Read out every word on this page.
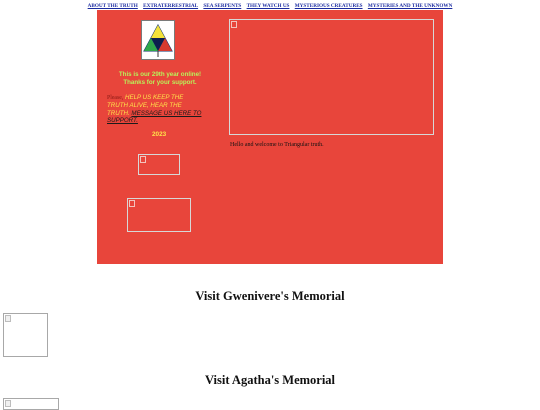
ABOUT THE TRUTH EXTRATERRESTRIAL SEA SERPENTS THEY WATCH US MYSTERIOUS CREATURES MYSTERIES AND THE UNKNOWN
This is our 29th year online!
Thanks for your support.
Please, HELP US KEEP THE
TRUTH ALIVE, HEAR THE
TRUTH. MESSAGE US HERE TO
SUPPORT.
2023
Hello and welcome to Triangular truth.
Visit Gwenivere's Memorial
Visit Agatha's Memorial
